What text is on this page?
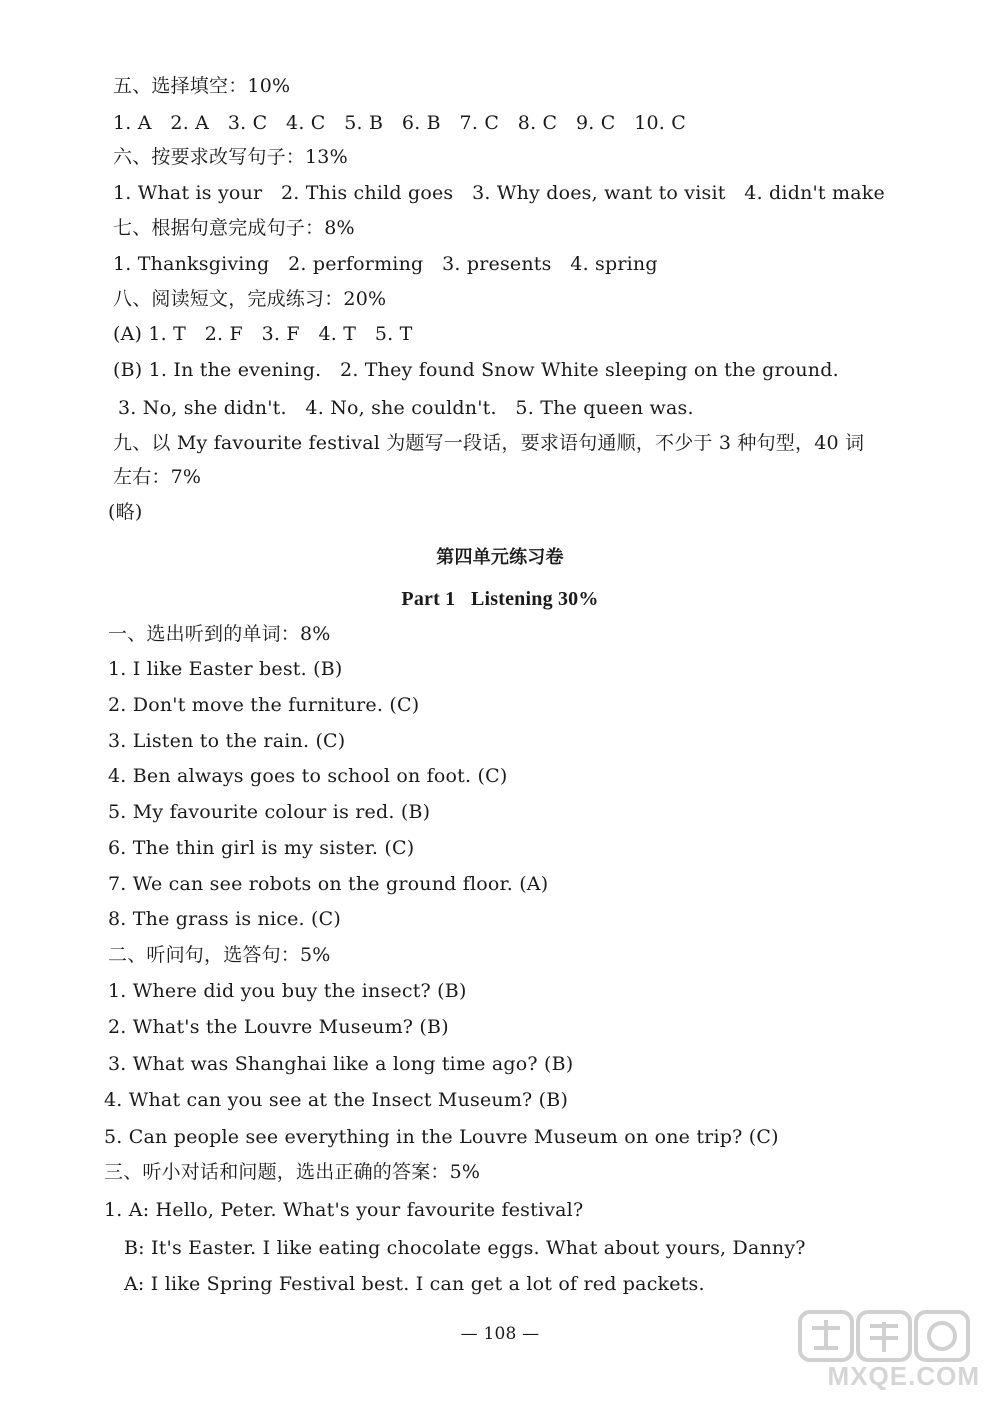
五、选择填空：10%
1. A   2. A   3. C   4. C   5. B   6. B   7. C   8. C   9. C   10. C
六、按要求改写句子：13%
1. What is your   2. This child goes   3. Why does, want to visit   4. didn't make
七、根据句意完成句子：8%
1. Thanksgiving   2. performing   3. presents   4. spring
八、阅读短文，完成练习：20%
(A) 1. T   2. F   3. F   4. T   5. T
(B) 1. In the evening.   2. They found Snow White sleeping on the ground.
3. No, she didn't.   4. No, she couldn't.   5. The queen was.
九、以 My favourite festival 为题写一段话，要求语句通顺，不少于 3 种句型，40 词
左右：7%
(略)
第四单元练习卷
Part 1   Listening 30%
一、选出听到的单词：8%
1. I like Easter best. (B)
2. Don't move the furniture. (C)
3. Listen to the rain. (C)
4. Ben always goes to school on foot. (C)
5. My favourite colour is red. (B)
6. The thin girl is my sister. (C)
7. We can see robots on the ground floor. (A)
8. The grass is nice. (C)
二、听问句，选答句：5%
1. Where did you buy the insect? (B)
2. What's the Louvre Museum? (B)
3. What was Shanghai like a long time ago? (B)
4. What can you see at the Insect Museum? (B)
5. Can people see everything in the Louvre Museum on one trip? (C)
三、听小对话和问题，选出正确的答案：5%
1. A: Hello, Peter. What's your favourite festival?
B: It's Easter. I like eating chocolate eggs. What about yours, Danny?
A: I like Spring Festival best. I can get a lot of red packets.
— 108 —
MXQE.COM
